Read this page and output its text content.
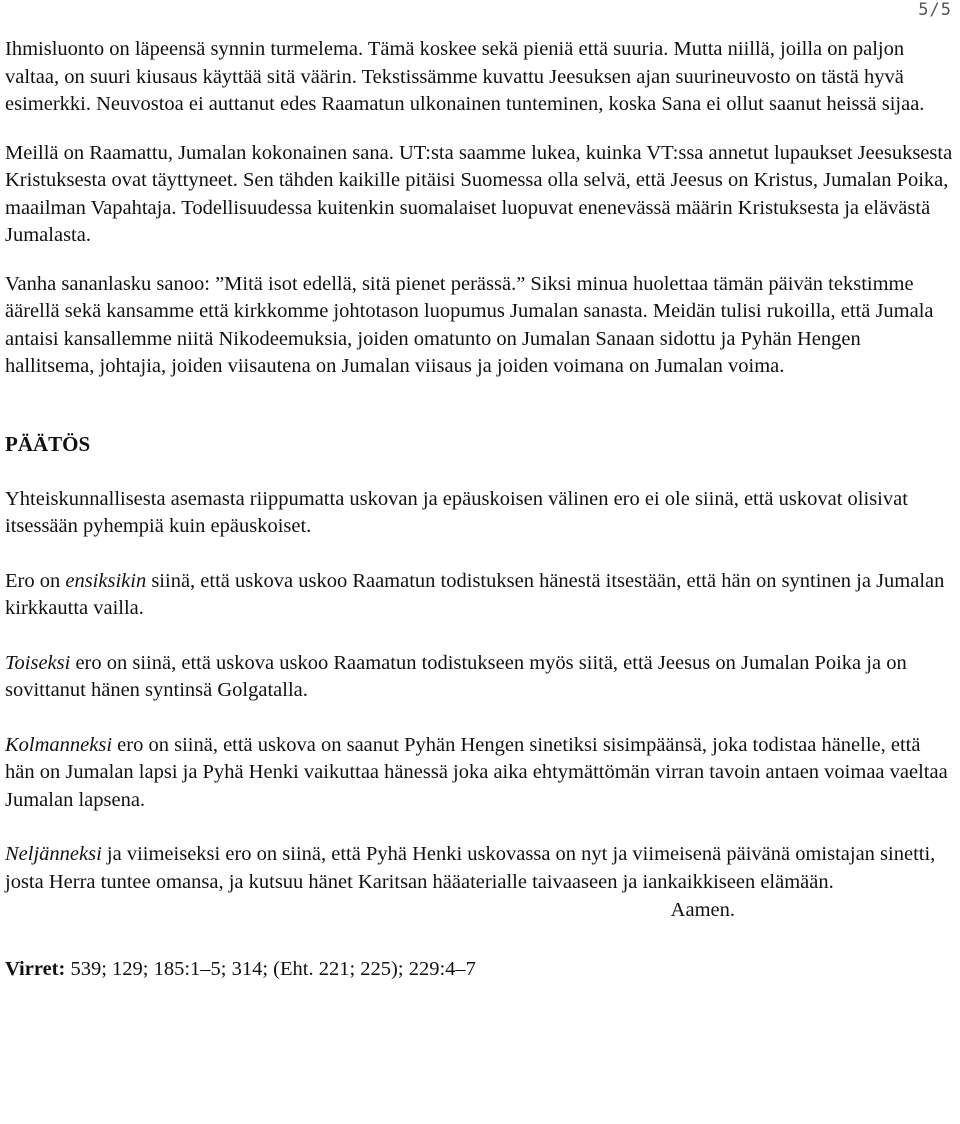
5/5

Ihmisluonto on läpeensä synnin turmelema. Tämä koskee sekä pieniä että suuria. Mutta niillä, joilla on paljon valtaa, on suuri kiusaus käyttää sitä väärin. Tekstissämme kuvattu Jeesuksen ajan suurineuvosto on tästä hyvä esimerkki. Neuvostoa ei auttanut edes Raamatun ulkonainen tunteminen, koska Sana ei ollut saanut heissä sijaa.

Meillä on Raamattu, Jumalan kokonainen sana. UT:sta saamme lukea, kuinka VT:ssa annetut lupaukset Jeesuksesta Kristuksesta ovat täyttyneet. Sen tähden kaikille pitäisi Suomessa olla selvä, että Jeesus on Kristus, Jumalan Poika, maailman Vapahtaja. Todellisuudessa kuitenkin suomalaiset luopuvat enenevässä määrin Kristuksesta ja elävästä Jumalasta.

Vanha sananlasku sanoo: ”Mitä isot edellä, sitä pienet perässä.” Siksi minua huolettaa tämän päivän tekstimme äärellä sekä kansamme että kirkkomme johtotason luopumus Jumalan sanasta. Meidän tulisi rukoilla, että Jumala antaisi kansallemme niitä Nikodeemuksia, joiden omatunto on Jumalan Sanaan sidottu ja Pyhän Hengen hallitsema, johtajia, joiden viisautena on Jumalan viisaus ja joiden voimana on Jumalan voima.

PÄÄTÖS

Yhteiskunnallisesta asemasta riippumatta uskovan ja epäuskoisen välinen ero ei ole siinä, että uskovat olisivat itsessään pyhempiä kuin epäuskoiset.

Ero on ensiksikin siinä, että uskova uskoo Raamatun todistuksen hänestä itsestään, että hän on syntinen ja Jumalan kirkkautta vailla.

Toiseksi ero on siinä, että uskova uskoo Raamatun todistukseen myös siitä, että Jeesus on Jumalan Poika ja on sovittanut hänen syntinsä Golgatalla.

Kolmanneksi ero on siinä, että uskova on saanut Pyhän Hengen sinetiksi sisimpäänsä, joka todistaa hänelle, että hän on Jumalan lapsi ja Pyhä Henki vaikuttaa hänessä joka aika ehtymättömän virran tavoin antaen voimaa vaeltaa Jumalan lapsena.

Neljänneksi ja viimeiseksi ero on siinä, että Pyhä Henki uskovassa on nyt ja viimeisenä päivänä omistajan sinetti, josta Herra tuntee omansa, ja kutsuu hänet Karitsan hääaterialle taivaaseen ja iankaikkiseen elämään.

Aamen.

Virret: 539; 129; 185:1–5; 314; (Eht. 221; 225); 229:4–7
